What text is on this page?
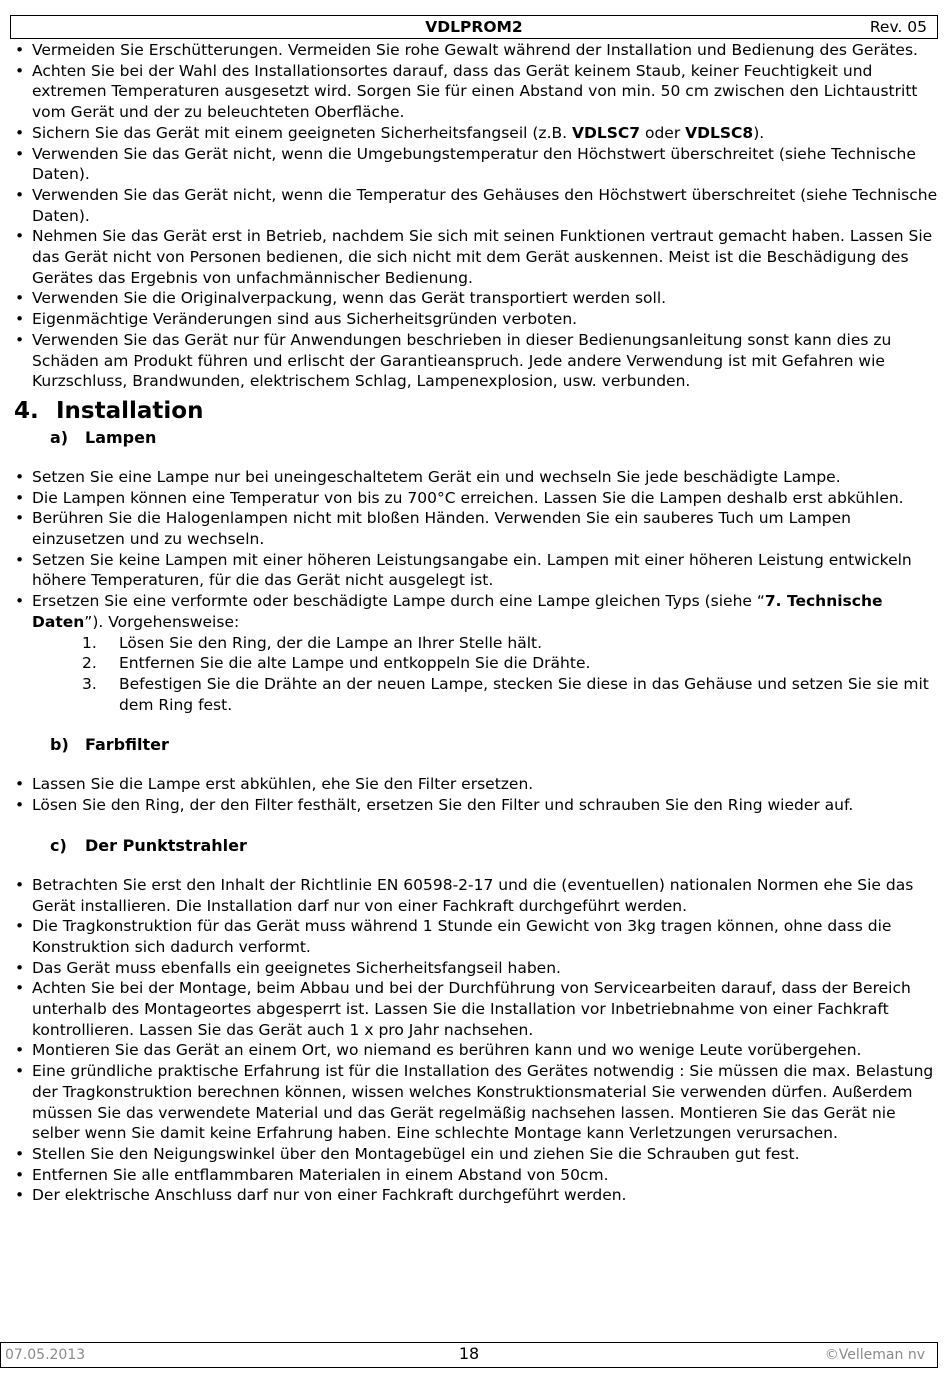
VDLPROM2	Rev. 05
• Vermeiden Sie Erschütterungen. Vermeiden Sie rohe Gewalt während der Installation und Bedienung des Gerätes.
• Achten Sie bei der Wahl des Installationsortes darauf, dass das Gerät keinem Staub, keiner Feuchtigkeit und extremen Temperaturen ausgesetzt wird. Sorgen Sie für einen Abstand von min. 50 cm zwischen den Lichtaustritt vom Gerät und der zu beleuchteten Oberfläche.
• Sichern Sie das Gerät mit einem geeigneten Sicherheitsfangseil (z.B. VDLSC7 oder VDLSC8).
• Verwenden Sie das Gerät nicht, wenn die Umgebungstemperatur den Höchstwert überschreitet (siehe Technische Daten).
• Verwenden Sie das Gerät nicht, wenn die Temperatur des Gehäuses den Höchstwert überschreitet (siehe Technische Daten).
• Nehmen Sie das Gerät erst in Betrieb, nachdem Sie sich mit seinen Funktionen vertraut gemacht haben. Lassen Sie das Gerät nicht von Personen bedienen, die sich nicht mit dem Gerät auskennen. Meist ist die Beschädigung des Gerätes das Ergebnis von unfachmännischer Bedienung.
• Verwenden Sie die Originalverpackung, wenn das Gerät transportiert werden soll.
• Eigenmächtige Veränderungen sind aus Sicherheitsgründen verboten.
• Verwenden Sie das Gerät nur für Anwendungen beschrieben in dieser Bedienungsanleitung sonst kann dies zu Schäden am Produkt führen und erlischt der Garantieanspruch. Jede andere Verwendung ist mit Gefahren wie Kurzschluss, Brandwunden, elektrischem Schlag, Lampenexplosion, usw. verbunden.
4. Installation
a) Lampen
• Setzen Sie eine Lampe nur bei uneingeschaltetem Gerät ein und wechseln Sie jede beschädigte Lampe.
• Die Lampen können eine Temperatur von bis zu 700°C erreichen. Lassen Sie die Lampen deshalb erst abkühlen.
• Berühren Sie die Halogenlampen nicht mit bloßen Händen. Verwenden Sie ein sauberes Tuch um Lampen einzusetzen und zu wechseln.
• Setzen Sie keine Lampen mit einer höheren Leistungsangabe ein. Lampen mit einer höheren Leistung entwickeln höhere Temperaturen, für die das Gerät nicht ausgelegt ist.
• Ersetzen Sie eine verformte oder beschädigte Lampe durch eine Lampe gleichen Typs (siehe “7. Technische Daten”). Vorgehensweise:
1. Lösen Sie den Ring, der die Lampe an Ihrer Stelle hält.
2. Entfernen Sie die alte Lampe und entkoppeln Sie die Drähte.
3. Befestigen Sie die Drähte an der neuen Lampe, stecken Sie diese in das Gehäuse und setzen Sie sie mit dem Ring fest.
b) Farbfilter
• Lassen Sie die Lampe erst abkühlen, ehe Sie den Filter ersetzen.
• Lösen Sie den Ring, der den Filter festhält, ersetzen Sie den Filter und schrauben Sie den Ring wieder auf.
c) Der Punktstrahler
• Betrachten Sie erst den Inhalt der Richtlinie EN 60598-2-17 und die (eventuellen) nationalen Normen ehe Sie das Gerät installieren. Die Installation darf nur von einer Fachkraft durchgeführt werden.
• Die Tragkonstruktion für das Gerät muss während 1 Stunde ein Gewicht von 3kg tragen können, ohne dass die Konstruktion sich dadurch verformt.
• Das Gerät muss ebenfalls ein geeignetes Sicherheitsfangseil haben.
• Achten Sie bei der Montage, beim Abbau und bei der Durchführung von Servicearbeiten darauf, dass der Bereich unterhalb des Montageortes abgesperrt ist. Lassen Sie die Installation vor Inbetriebnahme von einer Fachkraft kontrollieren. Lassen Sie das Gerät auch 1 x pro Jahr nachsehen.
• Montieren Sie das Gerät an einem Ort, wo niemand es berühren kann und wo wenige Leute vorübergehen.
• Eine gründliche praktische Erfahrung ist für die Installation des Gerätes notwendig : Sie müssen die max. Belastung der Tragkonstruktion berechnen können, wissen welches Konstruktionsmaterial Sie verwenden dürfen. Außerdem müssen Sie das verwendete Material und das Gerät regelmäßig nachsehen lassen. Montieren Sie das Gerät nie selber wenn Sie damit keine Erfahrung haben. Eine schlechte Montage kann Verletzungen verursachen.
• Stellen Sie den Neigungswinkel über den Montagebügel ein und ziehen Sie die Schrauben gut fest.
• Entfernen Sie alle entflammbaren Materialen in einem Abstand von 50cm.
• Der elektrische Anschluss darf nur von einer Fachkraft durchgeführt werden.
07.05.2013	18	©Velleman nv
